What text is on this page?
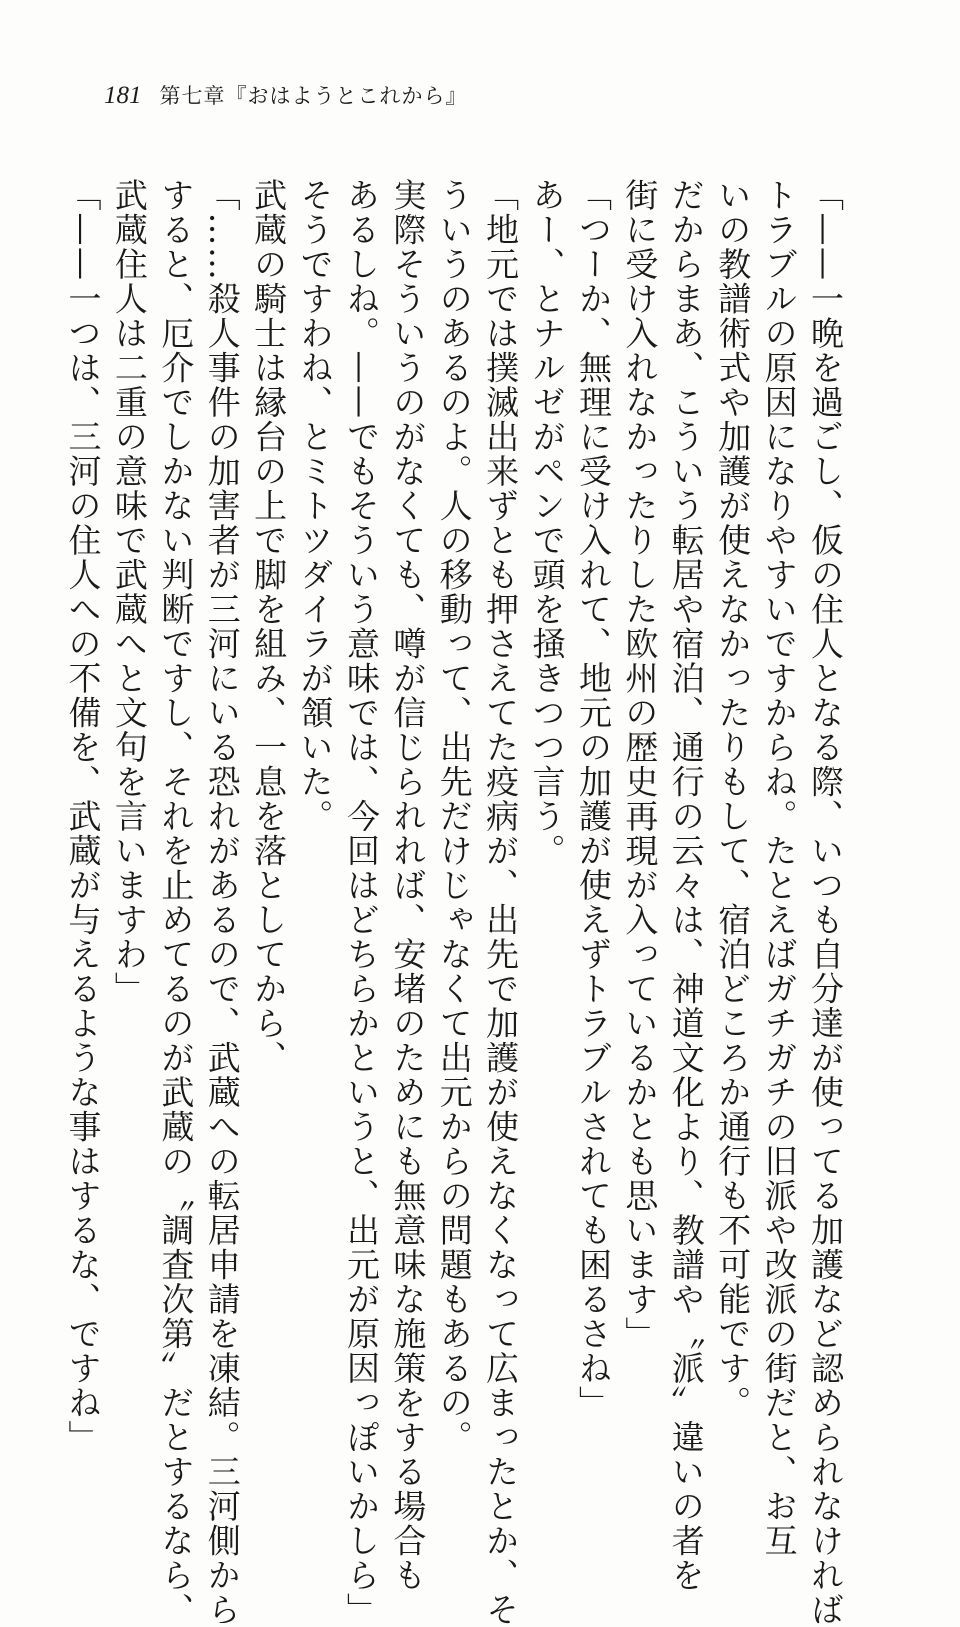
181 第七章『おはようとこれから』
「——一晩を過ごし、仮の住人となる際、いつも自分達が使ってる加護など認められなければ
トラブルの原因になりやすいですからね。たとえばガチガチの旧派や改派の街だと、お互
いの教譜術式や加護が使えなかったりもして、宿泊どころか通行も不可能です。
だからまあ、こういう転居や宿泊、通行の云々は、神道文化より、教譜や〝派〟違いの者を
街に受け入れなかったりした欧州の歴史再現が入っているかとも思います」
「つーか、無理に受け入れて、地元の加護が使えずトラブルされても困るさね」
あー、とナルゼがペンで頭を掻きつつ言う。
「地元では撲滅出来ずとも押さえてた疫病が、出先で加護が使えなくなって広まったとか、そ
ういうのあるのよ。人の移動って、出先だけじゃなくて出元からの問題もあるの。
実際そういうのがなくても、噂が信じられれば、安堵のためにも無意味な施策をする場合も
あるしね。——でもそういう意味では、今回はどちらかというと、出元が原因っぽいかしら」
そうですわね、とミトツダイラが頷いた。
武蔵の騎士は縁台の上で脚を組み、一息を落としてから、
「……殺人事件の加害者が三河にいる恐れがあるので、武蔵への転居申請を凍結。三河側から
すると、厄介でしかない判断ですし、それを止めてるのが武蔵の〝調査次第〟だとするなら、
武蔵住人は二重の意味で武蔵へと文句を言いますわ」
「——一つは、三河の住人への不備を、武蔵が与えるような事はするな、ですね」
